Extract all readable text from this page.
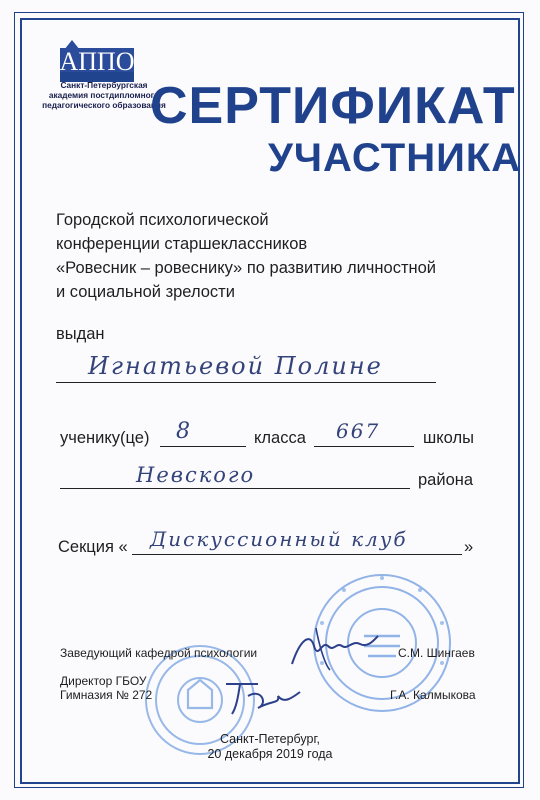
АППО
Санкт-Петербургская
академия постдипломного
педагогического образования
СЕРТИФИКАТ
УЧАСТНИКА
Городской психологической
конференции старшеклассников
«Ровесник – ровеснику» по развитию личностной
и социальной зрелости
выдан
Игнатьевой Полине
ученику(це) 8	класса 667	школы
Невского	района
Секция « Дискуссионный клуб	»
Заведующий кафедрой психологии	С.М. Шингаев
Директор ГБОУ
Гимназия № 272	Г.А. Калмыкова
Санкт-Петербург,
20 декабря 2019 года
